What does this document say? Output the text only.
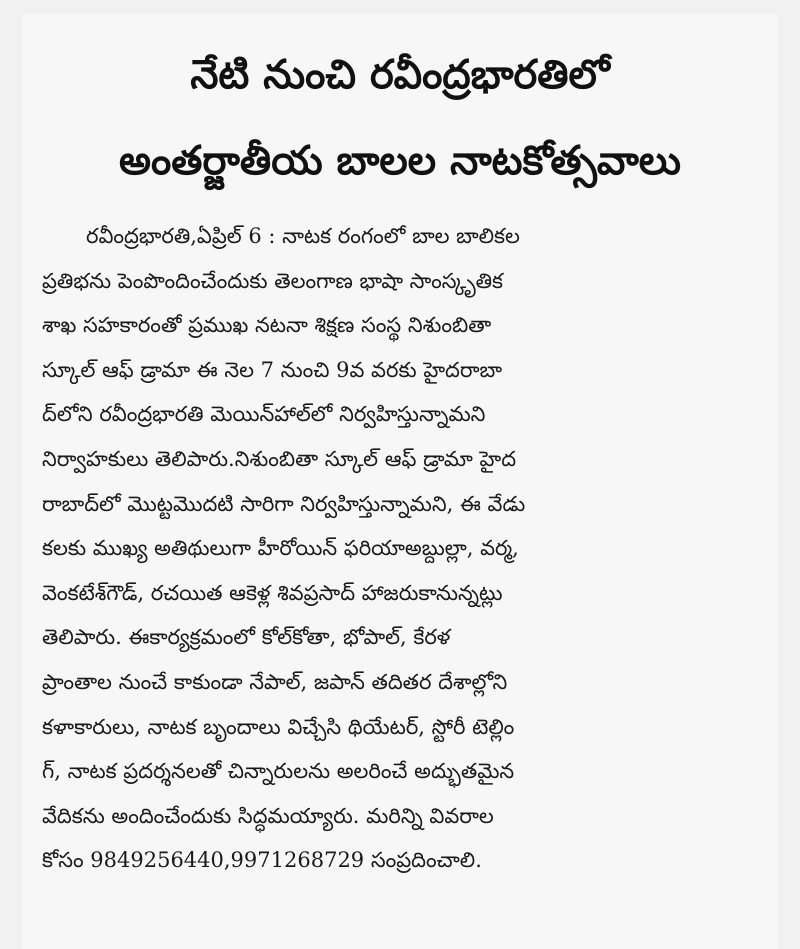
నేటి నుంచి రవీంద్రభారతిలో
అంతర్జాతీయ బాలల నాటకోత్సవాలు
రవీంద్రభారతి,ఏప్రిల్ 6 : నాటక రంగంలో బాల బాలికల
ప్రతిభను పెంపొందించేందుకు తెలంగాణ భాషా సాంస్కృతిక
శాఖ సహకారంతో ప్రముఖ నటనా శిక్షణ సంస్థ నిశుంబితా
స్కూల్ ఆఫ్ డ్రామా ఈ నెల 7 నుంచి 9వ వరకు హైదరాబా
ద్‌లోని రవీంద్రభారతి మెయిన్‌హాల్‌లో నిర్వహిస్తున్నామని
నిర్వాహకులు తెలిపారు.నిశుంబితా స్కూల్ ఆఫ్ డ్రామా హైద
రాబాద్‌లో మొట్టమొదటి సారిగా నిర్వహిస్తున్నామని, ఈ వేడు
కలకు ముఖ్య అతిథులుగా హీరోయిన్ ఫరియాఅబ్దుల్లా, వర్మ,
వెంకటేశ్‌గౌడ్, రచయిత ఆకెళ్ల శివప్రసాద్ హాజరుకానున్నట్లు
తెలిపారు. ఈకార్యక్రమంలో కోల్‌కోతా, భోపాల్, కేరళ
ప్రాంతాల నుంచే కాకుండా నేపాల్, జపాన్ తదితర దేశాల్లోని
కళాకారులు, నాటక బృందాలు విచ్చేసి థియేటర్, స్టోరీ టెల్లిం
గ్, నాటక ప్రదర్శనలతో చిన్నారులను అలరించే అద్భుతమైన
వేదికను అందించేందుకు సిద్ధమయ్యారు. మరిన్ని వివరాల
కోసం 9849256440,9971268729 సంప్రదించాలి.
